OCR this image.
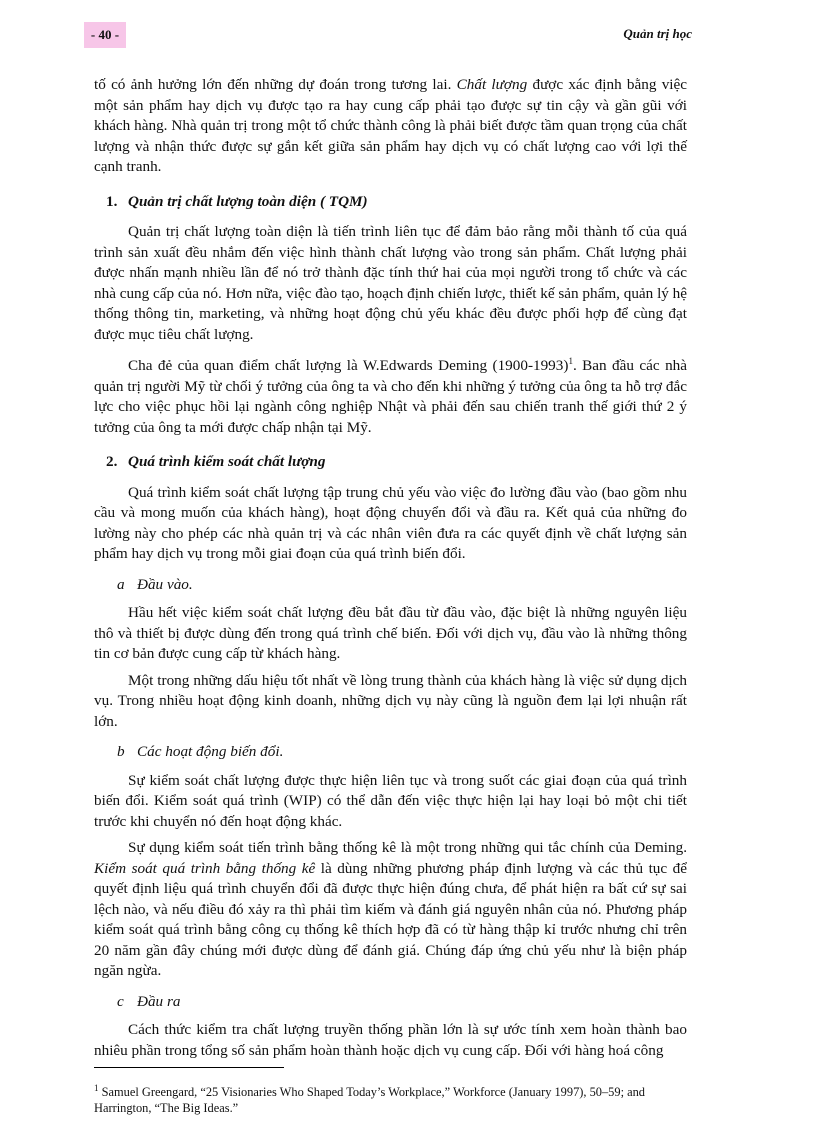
- 40 -	Quản trị học

tố có ảnh hưởng lớn đến những dự đoán trong tương lai. Chất lượng được xác định bằng việc một sản phẩm hay dịch vụ được tạo ra hay cung cấp phải tạo được sự tin cậy và gần gũi với khách hàng. Nhà quản trị trong một tổ chức thành công là phải biết được tầm quan trọng của chất lượng và nhận thức được sự gắn kết giữa sản phẩm hay dịch vụ có chất lượng cao với lợi thế cạnh tranh.

1. Quản trị chất lượng toàn diện ( TQM)

Quản trị chất lượng toàn diện là tiến trình liên tục để đảm bảo rằng mỗi thành tố của quá trình sản xuất đều nhắm đến việc hình thành chất lượng vào trong sản phẩm. Chất lượng phải được nhấn mạnh nhiều lần để nó trở thành đặc tính thứ hai của mọi người trong tổ chức và các nhà cung cấp của nó. Hơn nữa, việc đào tạo, hoạch định chiến lược, thiết kế sản phẩm, quản lý hệ thống thông tin, marketing, và những hoạt động chủ yếu khác đều được phối hợp để cùng đạt được mục tiêu chất lượng.

Cha đẻ của quan điểm chất lượng là W.Edwards Deming (1900-1993)$^1$. Ban đầu các nhà quản trị người Mỹ từ chối ý tưởng của ông ta và cho đến khi những ý tưởng của ông ta hỗ trợ đắc lực cho việc phục hồi lại ngành công nghiệp Nhật và phải đến sau chiến tranh thế giới thứ 2 ý tưởng của ông ta mới được chấp nhận tại Mỹ.

2. Quá trình kiểm soát chất lượng

Quá trình kiểm soát chất lượng tập trung chủ yếu vào việc đo lường đầu vào (bao gồm nhu cầu và mong muốn của khách hàng), hoạt động chuyển đổi và đầu ra. Kết quả của những đo lường này cho phép các nhà quản trị và các nhân viên đưa ra các quyết định về chất lượng sản phẩm hay dịch vụ trong mỗi giai đoạn của quá trình biến đổi.

a Đầu vào.

Hầu hết việc kiểm soát chất lượng đều bắt đầu từ đầu vào, đặc biệt là những nguyên liệu thô và thiết bị được dùng đến trong quá trình chế biến. Đối với dịch vụ, đầu vào là những thông tin cơ bản được cung cấp từ khách hàng.

Một trong những dấu hiệu tốt nhất về lòng trung thành của khách hàng là việc sử dụng dịch vụ. Trong nhiều hoạt động kinh doanh, những dịch vụ này cũng là nguồn đem lại lợi nhuận rất lớn.

b Các hoạt động biến đổi.

Sự kiểm soát chất lượng được thực hiện liên tục và trong suốt các giai đoạn của quá trình biến đổi. Kiểm soát quá trình (WIP) có thể dẫn đến việc thực hiện lại hay loại bỏ một chi tiết trước khi chuyển nó đến hoạt động khác.

Sự dụng kiểm soát tiến trình bằng thống kê là một trong những qui tắc chính của Deming. Kiểm soát quá trình bằng thống kê là dùng những phương pháp định lượng và các thủ tục để quyết định liệu quá trình chuyển đổi đã được thực hiện đúng chưa, để phát hiện ra bất cứ sự sai lệch nào, và nếu điều đó xảy ra thì phải tìm kiếm và đánh giá nguyên nhân của nó. Phương pháp kiểm soát quá trình bằng công cụ thống kê thích hợp đã có từ hàng thập kỉ trước nhưng chỉ trên 20 năm gần đây chúng mới được dùng để đánh giá. Chúng đáp ứng chủ yếu như là biện pháp ngăn ngừa.

c Đầu ra

Cách thức kiểm tra chất lượng truyền thống phần lớn là sự ước tính xem hoàn thành bao nhiêu phần trong tổng số sản phẩm hoàn thành hoặc dịch vụ cung cấp. Đối với hàng hoá công

$^1$ Samuel Greengard, “25 Visionaries Who Shaped Today’s Workplace,” Workforce (January 1997), 50–59; and Harrington, “The Big Ideas.”
